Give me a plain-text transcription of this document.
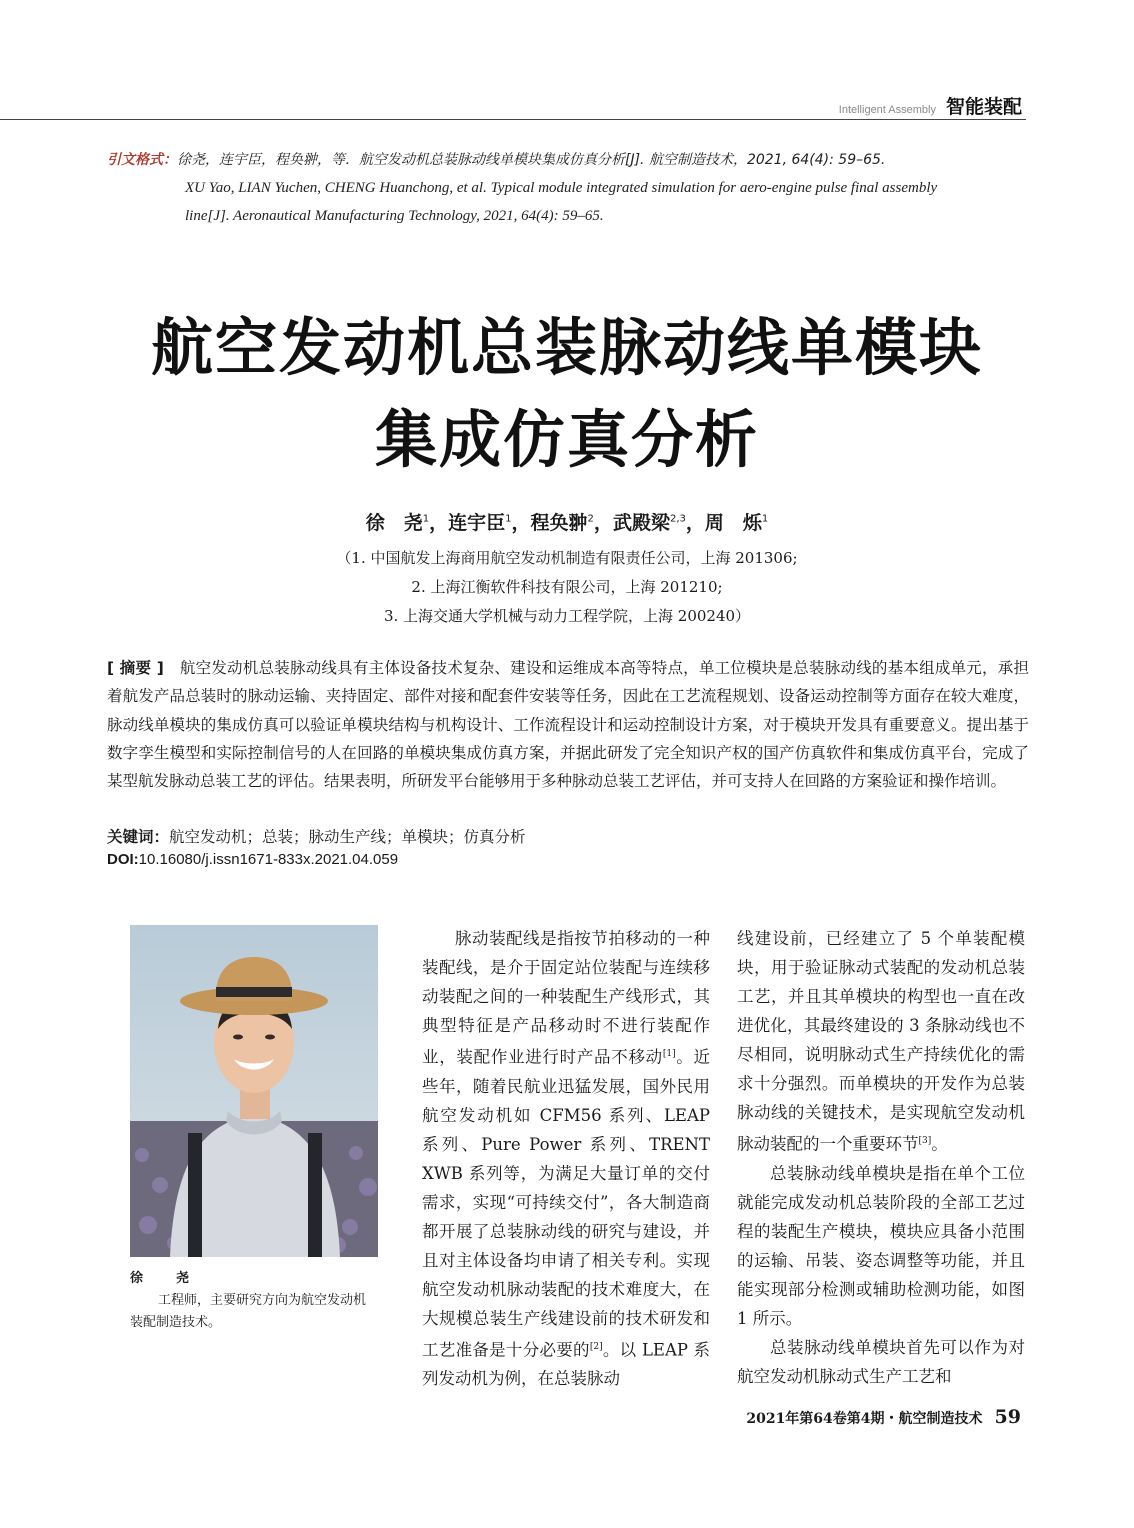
Intelligent Assembly 智能装配
引文格式：徐尧，连宇臣，程奂翀，等．航空发动机总装脉动线单模块集成仿真分析[J]. 航空制造技术，2021, 64(4): 59–65.
XU Yao, LIAN Yuchen, CHENG Huanchong, et al. Typical module integrated simulation for aero-engine pulse final assembly
line[J]. Aeronautical Manufacturing Technology, 2021, 64(4): 59–65.
航空发动机总装脉动线单模块
集成仿真分析
徐　尧$^1$，连宇臣$^1$，程奂翀$^2$，武殿梁$^{2,3}$，周　烁$^1$
（1. 中国航发上海商用航空发动机制造有限责任公司，上海 201306;
2. 上海江衡软件科技有限公司，上海 201210;
3. 上海交通大学机械与动力工程学院，上海 200240）
[ 摘要 ]　 航空发动机总装脉动线具有主体设备技术复杂、建设和运维成本高等特点，单工位模块是总装脉动线的基本组成单元，承担着航发产品总装时的脉动运输、夹持固定、部件对接和配套件安装等任务，因此在工艺流程规划、设备运动控制等方面存在较大难度，脉动线单模块的集成仿真可以验证单模块结构与机构设计、工作流程设计和运动控制设计方案，对于模块开发具有重要意义。提出基于数字孪生模型和实际控制信号的人在回路的单模块集成仿真方案，并据此研发了完全知识产权的国产仿真软件和集成仿真平台，完成了某型航发脉动总装工艺的评估。结果表明，所研发平台能够用于多种脉动总装工艺评估，并可支持人在回路的方案验证和操作培训。
关键词：航空发动机；总装；脉动生产线；单模块；仿真分析
DOI:10.16080/j.issn1671-833x.2021.04.059
徐　尧
工程师，主要研究方向为航空发动机装配制造技术。

脉动装配线是指按节拍移动的一种装配线，是介于固定站位装配与连续移动装配之间的一种装配生产线形式，其典型特征是产品移动时不进行装配作业，装配作业进行时产品不移动[1]。近些年，随着民航业迅猛发展，国外民用航空发动机如 CFM56 系列、LEAP 系列、Pure Power 系列、TRENT XWB 系列等，为满足大量订单的交付需求，实现“可持续交付”，各大制造商都开展了总装脉动线的研究与建设，并且对主体设备均申请了相关专利。实现航空发动机脉动装配的技术难度大，在大规模总装生产线建设前的技术研发和工艺准备是十分必要的[2]。以 LEAP 系列发动机为例，在总装脉动

线建设前，已经建立了 5 个单装配模块，用于验证脉动式装配的发动机总装工艺，并且其单模块的构型也一直在改进优化，其最终建设的 3 条脉动线也不尽相同，说明脉动式生产持续优化的需求十分强烈。而单模块的开发作为总装脉动线的关键技术，是实现航空发动机脉动装配的一个重要环节[3]。

总装脉动线单模块是指在单个工位就能完成发动机总装阶段的全部工艺过程的装配生产模块，模块应具备小范围的运输、吊装、姿态调整等功能，并且能实现部分检测或辅助检测功能，如图 1 所示。

总装脉动线单模块首先可以作为对航空发动机脉动式生产工艺和

2021年第64卷第4期・航空制造技术 59
